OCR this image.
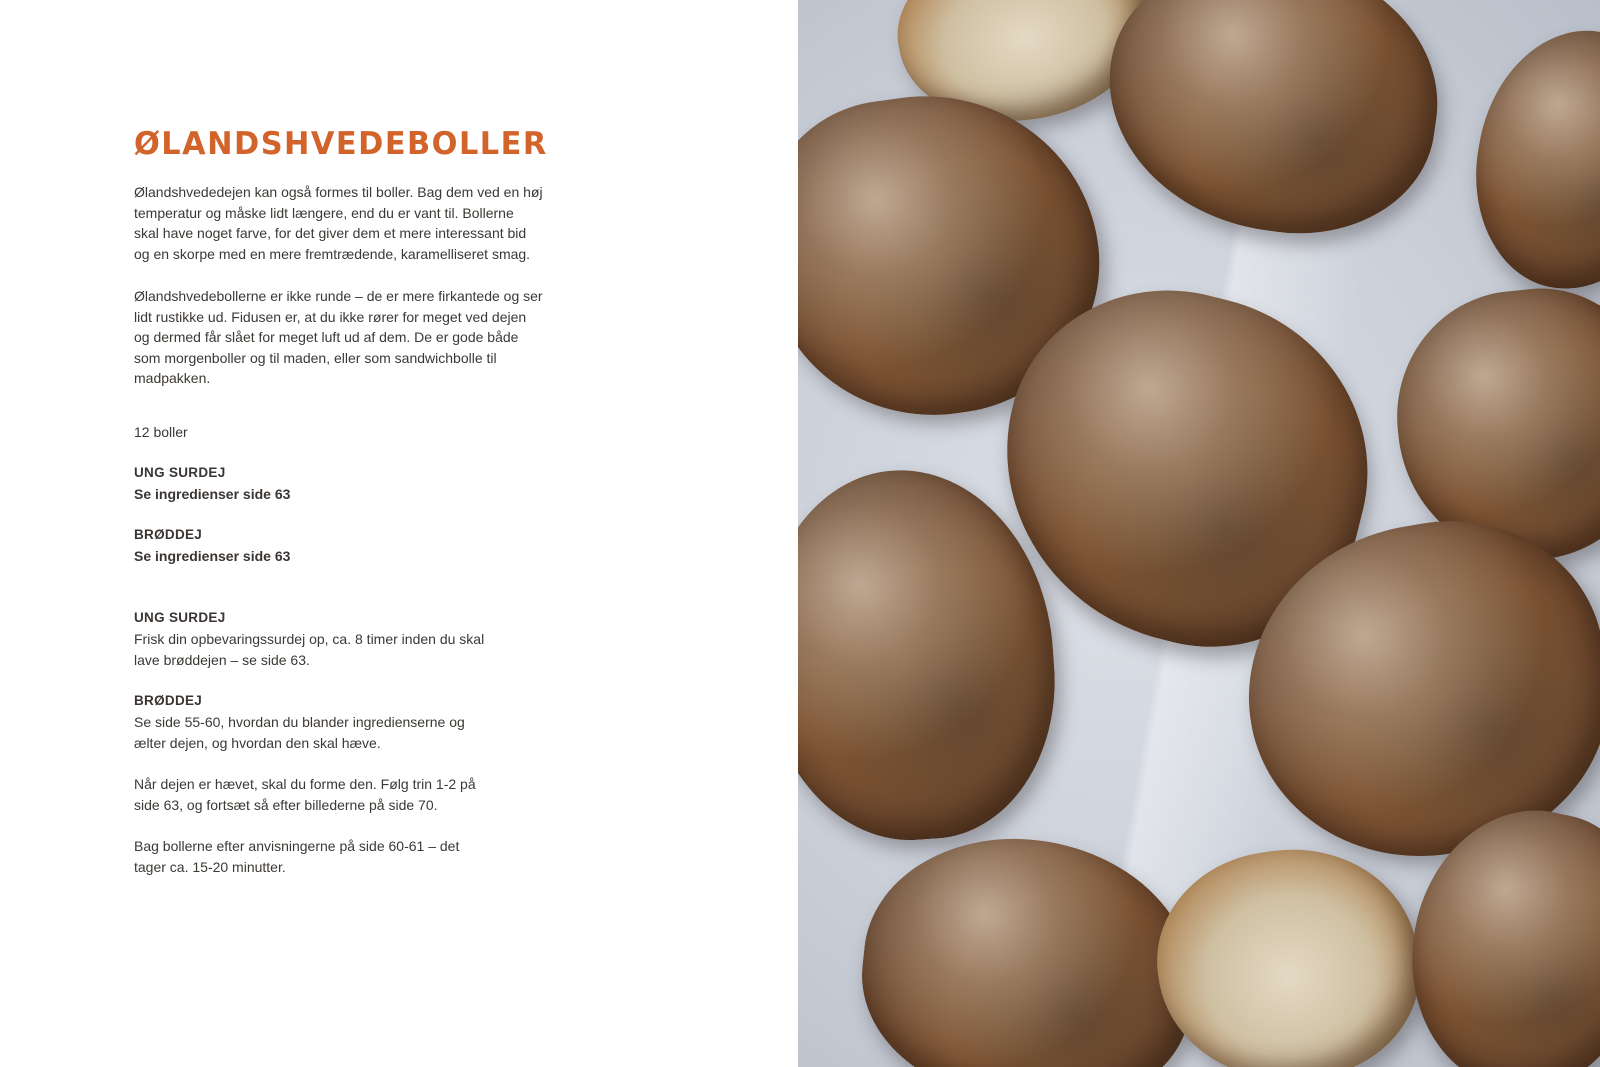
ØLANDSHVEDEBOLLER
Ølandshvededejen kan også formes til boller. Bag dem ved en høj
temperatur og måske lidt længere, end du er vant til. Bollerne
skal have noget farve, for det giver dem et mere interessant bid
og en skorpe med en mere fremtrædende, karamelliseret smag.
Ølandshvedebollerne er ikke runde – de er mere firkantede og ser
lidt rustikke ud. Fidusen er, at du ikke rører for meget ved dejen
og dermed får slået for meget luft ud af dem. De er gode både
som morgenboller og til maden, eller som sandwichbolle til
madpakken.

12 boller

UNG SURDEJ

Se ingredienser side 63

BRØDDEJ

Se ingredienser side 63

UNG SURDEJ

Frisk din opbevaringssurdej op, ca. 8 timer inden du skal
lave brøddejen – se side 63.

BRØDDEJ

Se side 55-60, hvordan du blander ingredienserne og
ælter dejen, og hvordan den skal hæve.
Når dejen er hævet, skal du forme den. Følg trin 1-2 på
side 63, og fortsæt så efter billederne på side 70.
Bag bollerne efter anvisningerne på side 60-61 – det
tager ca. 15-20 minutter.
